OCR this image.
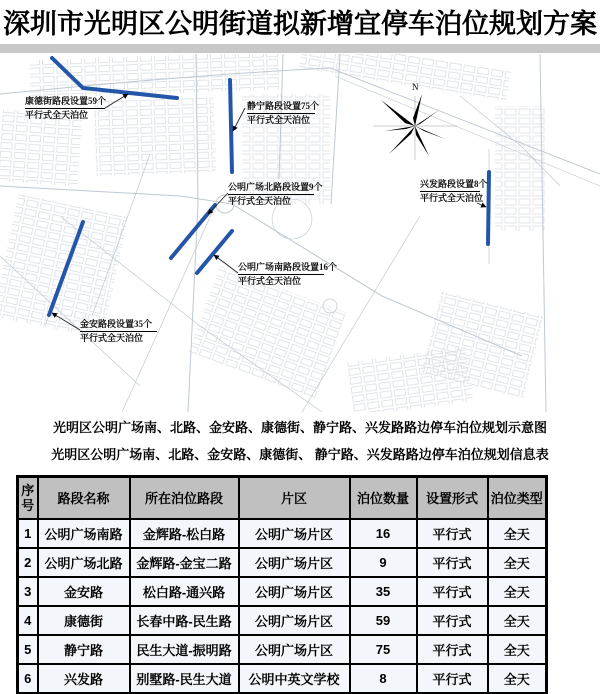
深圳市光明区公明街道拟新增宜停车泊位规划方案
N
康德街路段设置59个
平行式全天泊位
静宁路段设置75个
平行式全天泊位
公明广场北路段设置9个
平行式全天泊位
兴发路段设置8个
平行式全天泊位
公明广场南路段设置16个
平行式全天泊位
金安路段设置35个
平行式全天泊位
光明区公明广场南、北路、金安路、康德街、静宁路、兴发路路边停车泊位规划示意图
光明区公明广场南、北路、金安路、康德街、 静宁路、兴发路路边停车泊位规划信息表
序号	路段名称	所在泊位路段	片区	泊位数量	设置形式	泊位类型
1	公明广场南路	金辉路-松白路	公明广场片区	16	平行式	全天
2	公明广场北路	金辉路-金宝二路	公明广场片区	9	平行式	全天
3	金安路	松白路-通兴路	公明广场片区	35	平行式	全天
4	康德街	长春中路-民生路	公明广场片区	59	平行式	全天
5	静宁路	民生大道-振明路	公明广场片区	75	平行式	全天
6	兴发路	别墅路-民生大道	公明中英文学校	8	平行式	全天
